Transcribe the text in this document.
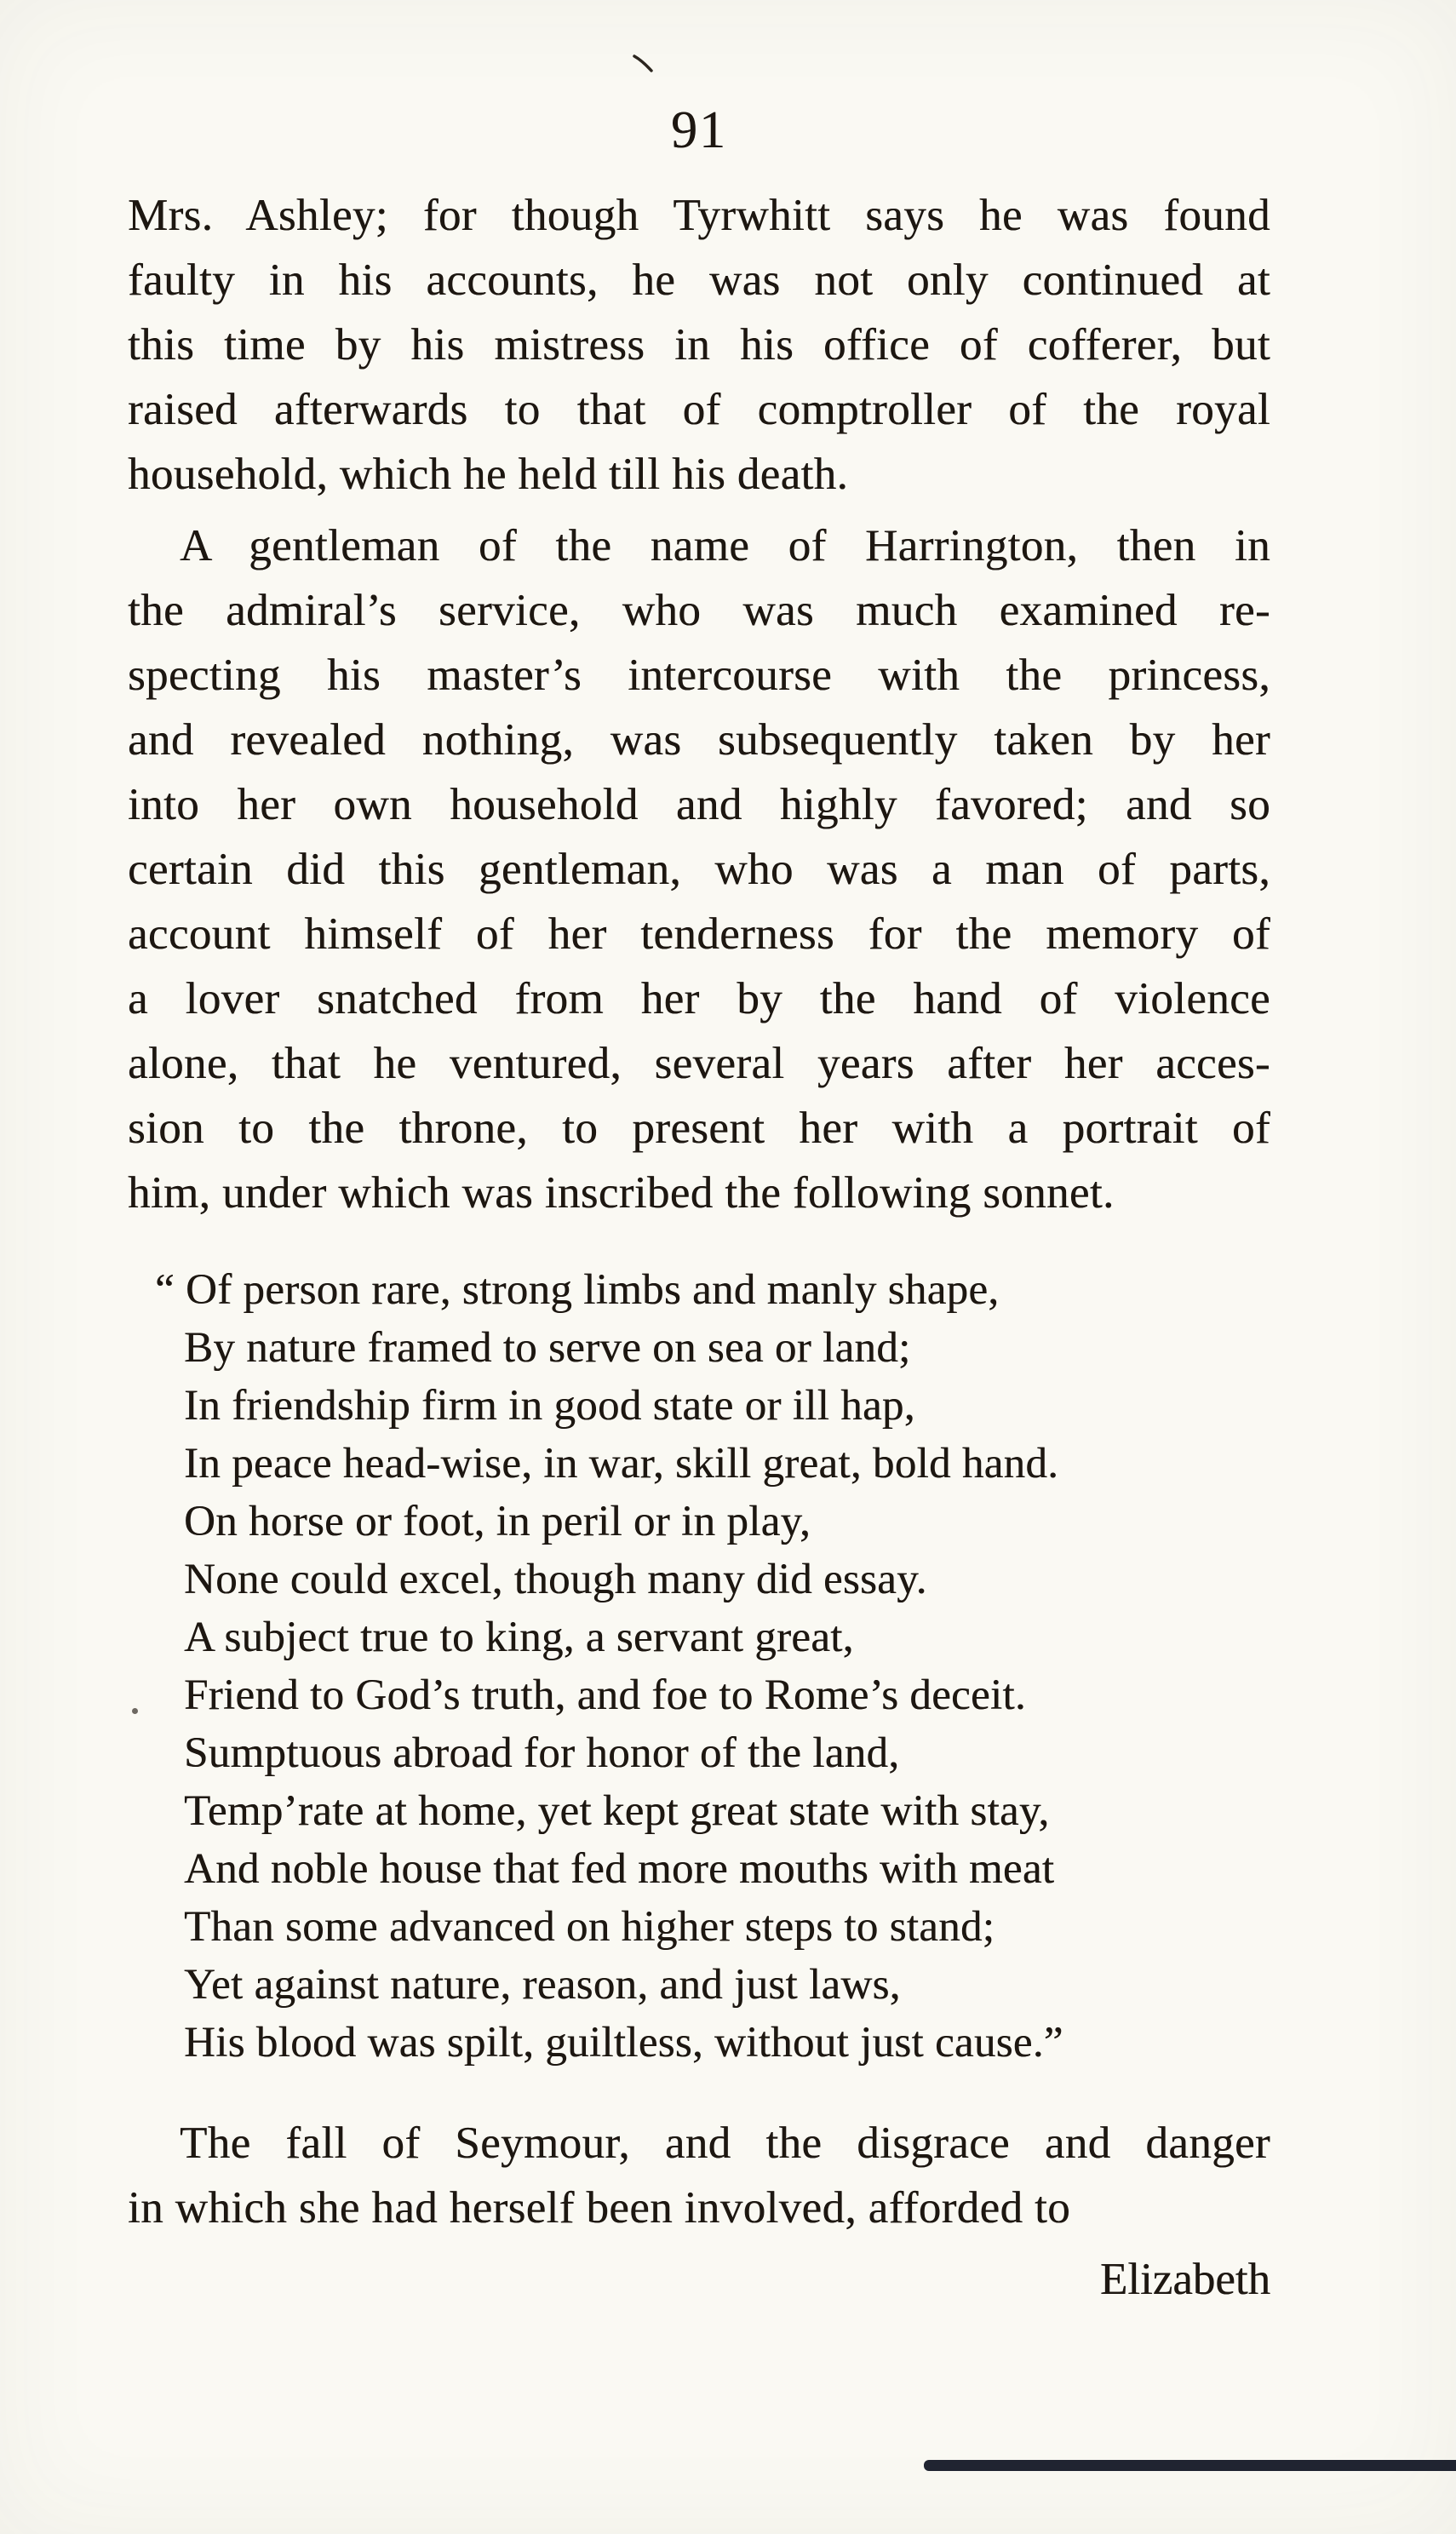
91
Mrs. Ashley; for though Tyrwhitt says he was found
faulty in his accounts, he was not only continued at
this time by his mistress in his office of cofferer, but
raised afterwards to that of comptroller of the royal
household, which he held till his death.
A gentleman of the name of Harrington, then in
the admiral’s service, who was much examined re-
specting his master’s intercourse with the princess,
and revealed nothing, was subsequently taken by her
into her own household and highly favored; and so
certain did this gentleman, who was a man of parts,
account himself of her tenderness for the memory of
a lover snatched from her by the hand of violence
alone, that he ventured, several years after her acces-
sion to the throne, to present her with a portrait of
him, under which was inscribed the following sonnet.
“ Of person rare, strong limbs and manly shape,
By nature framed to serve on sea or land;
In friendship firm in good state or ill hap,
In peace head-wise, in war, skill great, bold hand.
On horse or foot, in peril or in play,
None could excel, though many did essay.
A subject true to king, a servant great,
Friend to God’s truth, and foe to Rome’s deceit.
Sumptuous abroad for honor of the land,
Temp’rate at home, yet kept great state with stay,
And noble house that fed more mouths with meat
Than some advanced on higher steps to stand;
Yet against nature, reason, and just laws,
His blood was spilt, guiltless, without just cause.”
The fall of Seymour, and the disgrace and danger
in which she had herself been involved, afforded to
Elizabeth
